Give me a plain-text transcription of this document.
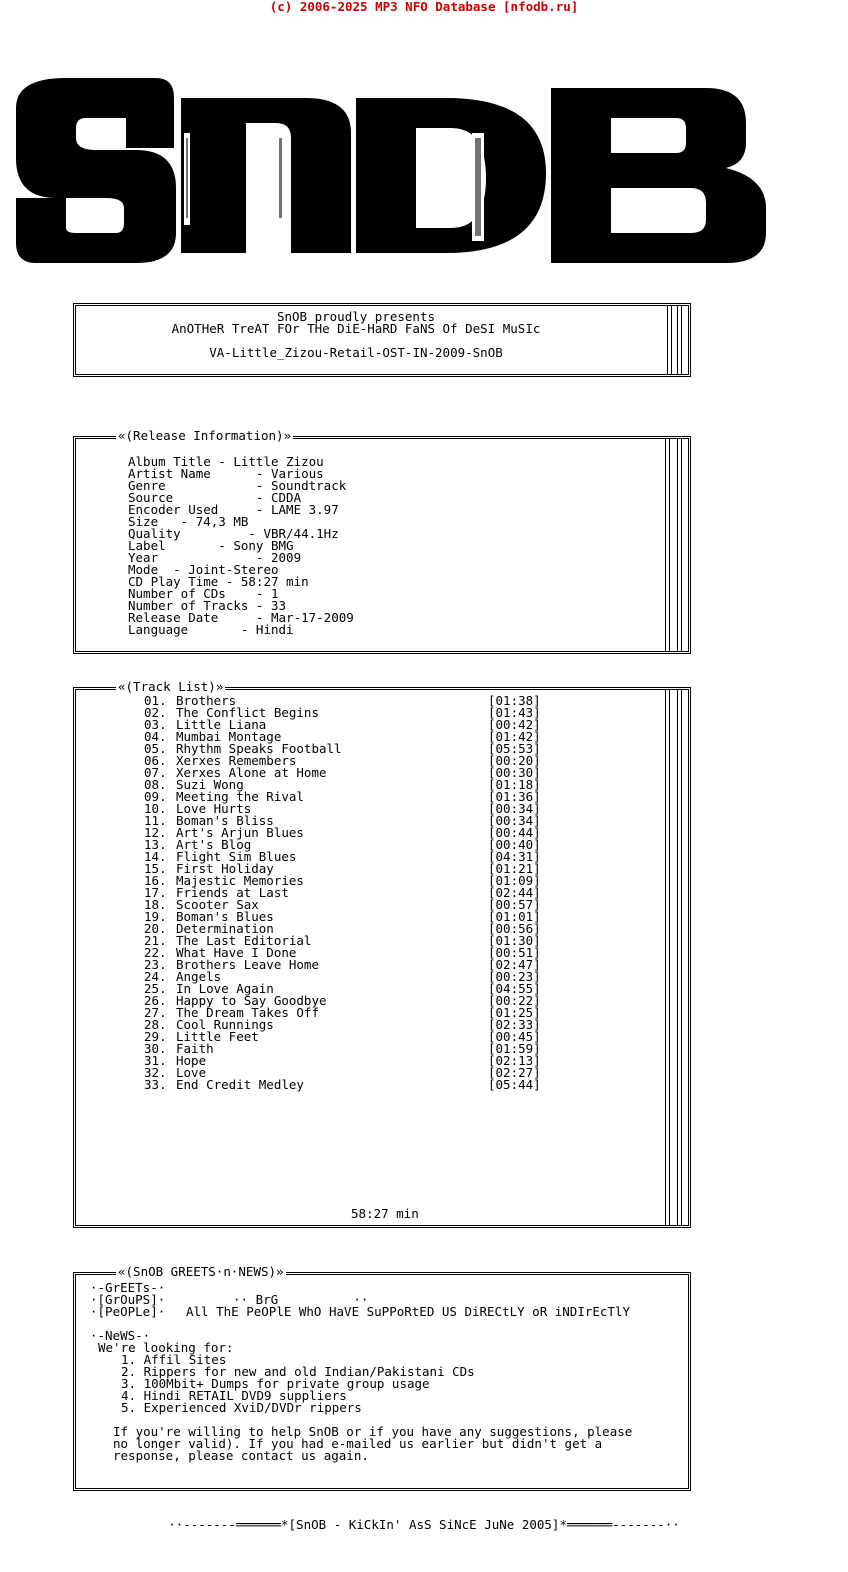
(c) 2006-2025 MP3 NFO Database [nfodb.ru]
SnOB proudly presents
AnOTHeR TreAT FOr THe DiE-HaRD FaNS Of DeSI MuSIc
VA-Little_Zizou-Retail-OST-IN-2009-SnOB
«(Release Information)»
Album Title - Little Zizou
Artist Name      - Various
Genre            - Soundtrack
Source           - CDDA
Encoder Used     - LAME 3.97
Size   - 74,3 MB
Quality         - VBR/44.1Hz
Label       - Sony BMG
Year             - 2009
Mode  - Joint-Stereo
CD Play Time - 58:27 min
Number of CDs    - 1
Number of Tracks - 33
Release Date     - Mar-17-2009
Language       - Hindi
«(Track List)»
01. Brothers	[01:38]
02. The Conflict Begins	[01:43]
03. Little Liana	[00:42]
04. Mumbai Montage	[01:42]
05. Rhythm Speaks Football	[05:53]
06. Xerxes Remembers	[00:20]
07. Xerxes Alone at Home	[00:30]
08. Suzi Wong	[01:18]
09. Meeting the Rival	[01:36]
10. Love Hurts	[00:34]
11. Boman's Bliss	[00:34]
12. Art's Arjun Blues	[00:44]
13. Art's Blog	[00:40]
14. Flight Sim Blues	[04:31]
15. First Holiday	[01:21]
16. Majestic Memories	[01:09]
17. Friends at Last	[02:44]
18. Scooter Sax	[00:57]
19. Boman's Blues	[01:01]
20. Determination	[00:56]
21. The Last Editorial	[01:30]
22. What Have I Done	[00:51]
23. Brothers Leave Home	[02:47]
24. Angels	[00:23]
25. In Love Again	[04:55]
26. Happy to Say Goodbye	[00:22]
27. The Dream Takes Off	[01:25]
28. Cool Runnings	[02:33]
29. Little Feet	[00:45]
30. Faith	[01:59]
31. Hope	[02:13]
32. Love	[02:27]
33. End Credit Medley	[05:44]
58:27 min
«(SnOB GREETS·n·NEWS)»
·-GrEETs-·
·[GrOuPS]·	·· BrG          ··
·[PeOPLe]· All ThE PeOPlE WhO HaVE SuPPoRtED US DiRECtLY oR iNDIrEcTlY
·-NeWS-·
We're looking for:
1. Affil Sites
2. Rippers for new and old Indian/Pakistani CDs
3. 100Mbit+ Dumps for private group usage
4. Hindi RETAIL DVD9 suppliers
5. Experienced XviD/DVDr rippers
If you're willing to help SnOB or if you have any suggestions, please
no longer valid). If you had e-mailed us earlier but didn't get a
response, please contact us again.
··-------══════*[SnOB - KiCkIn' AsS SiNcE JuNe 2005]*══════-------··
